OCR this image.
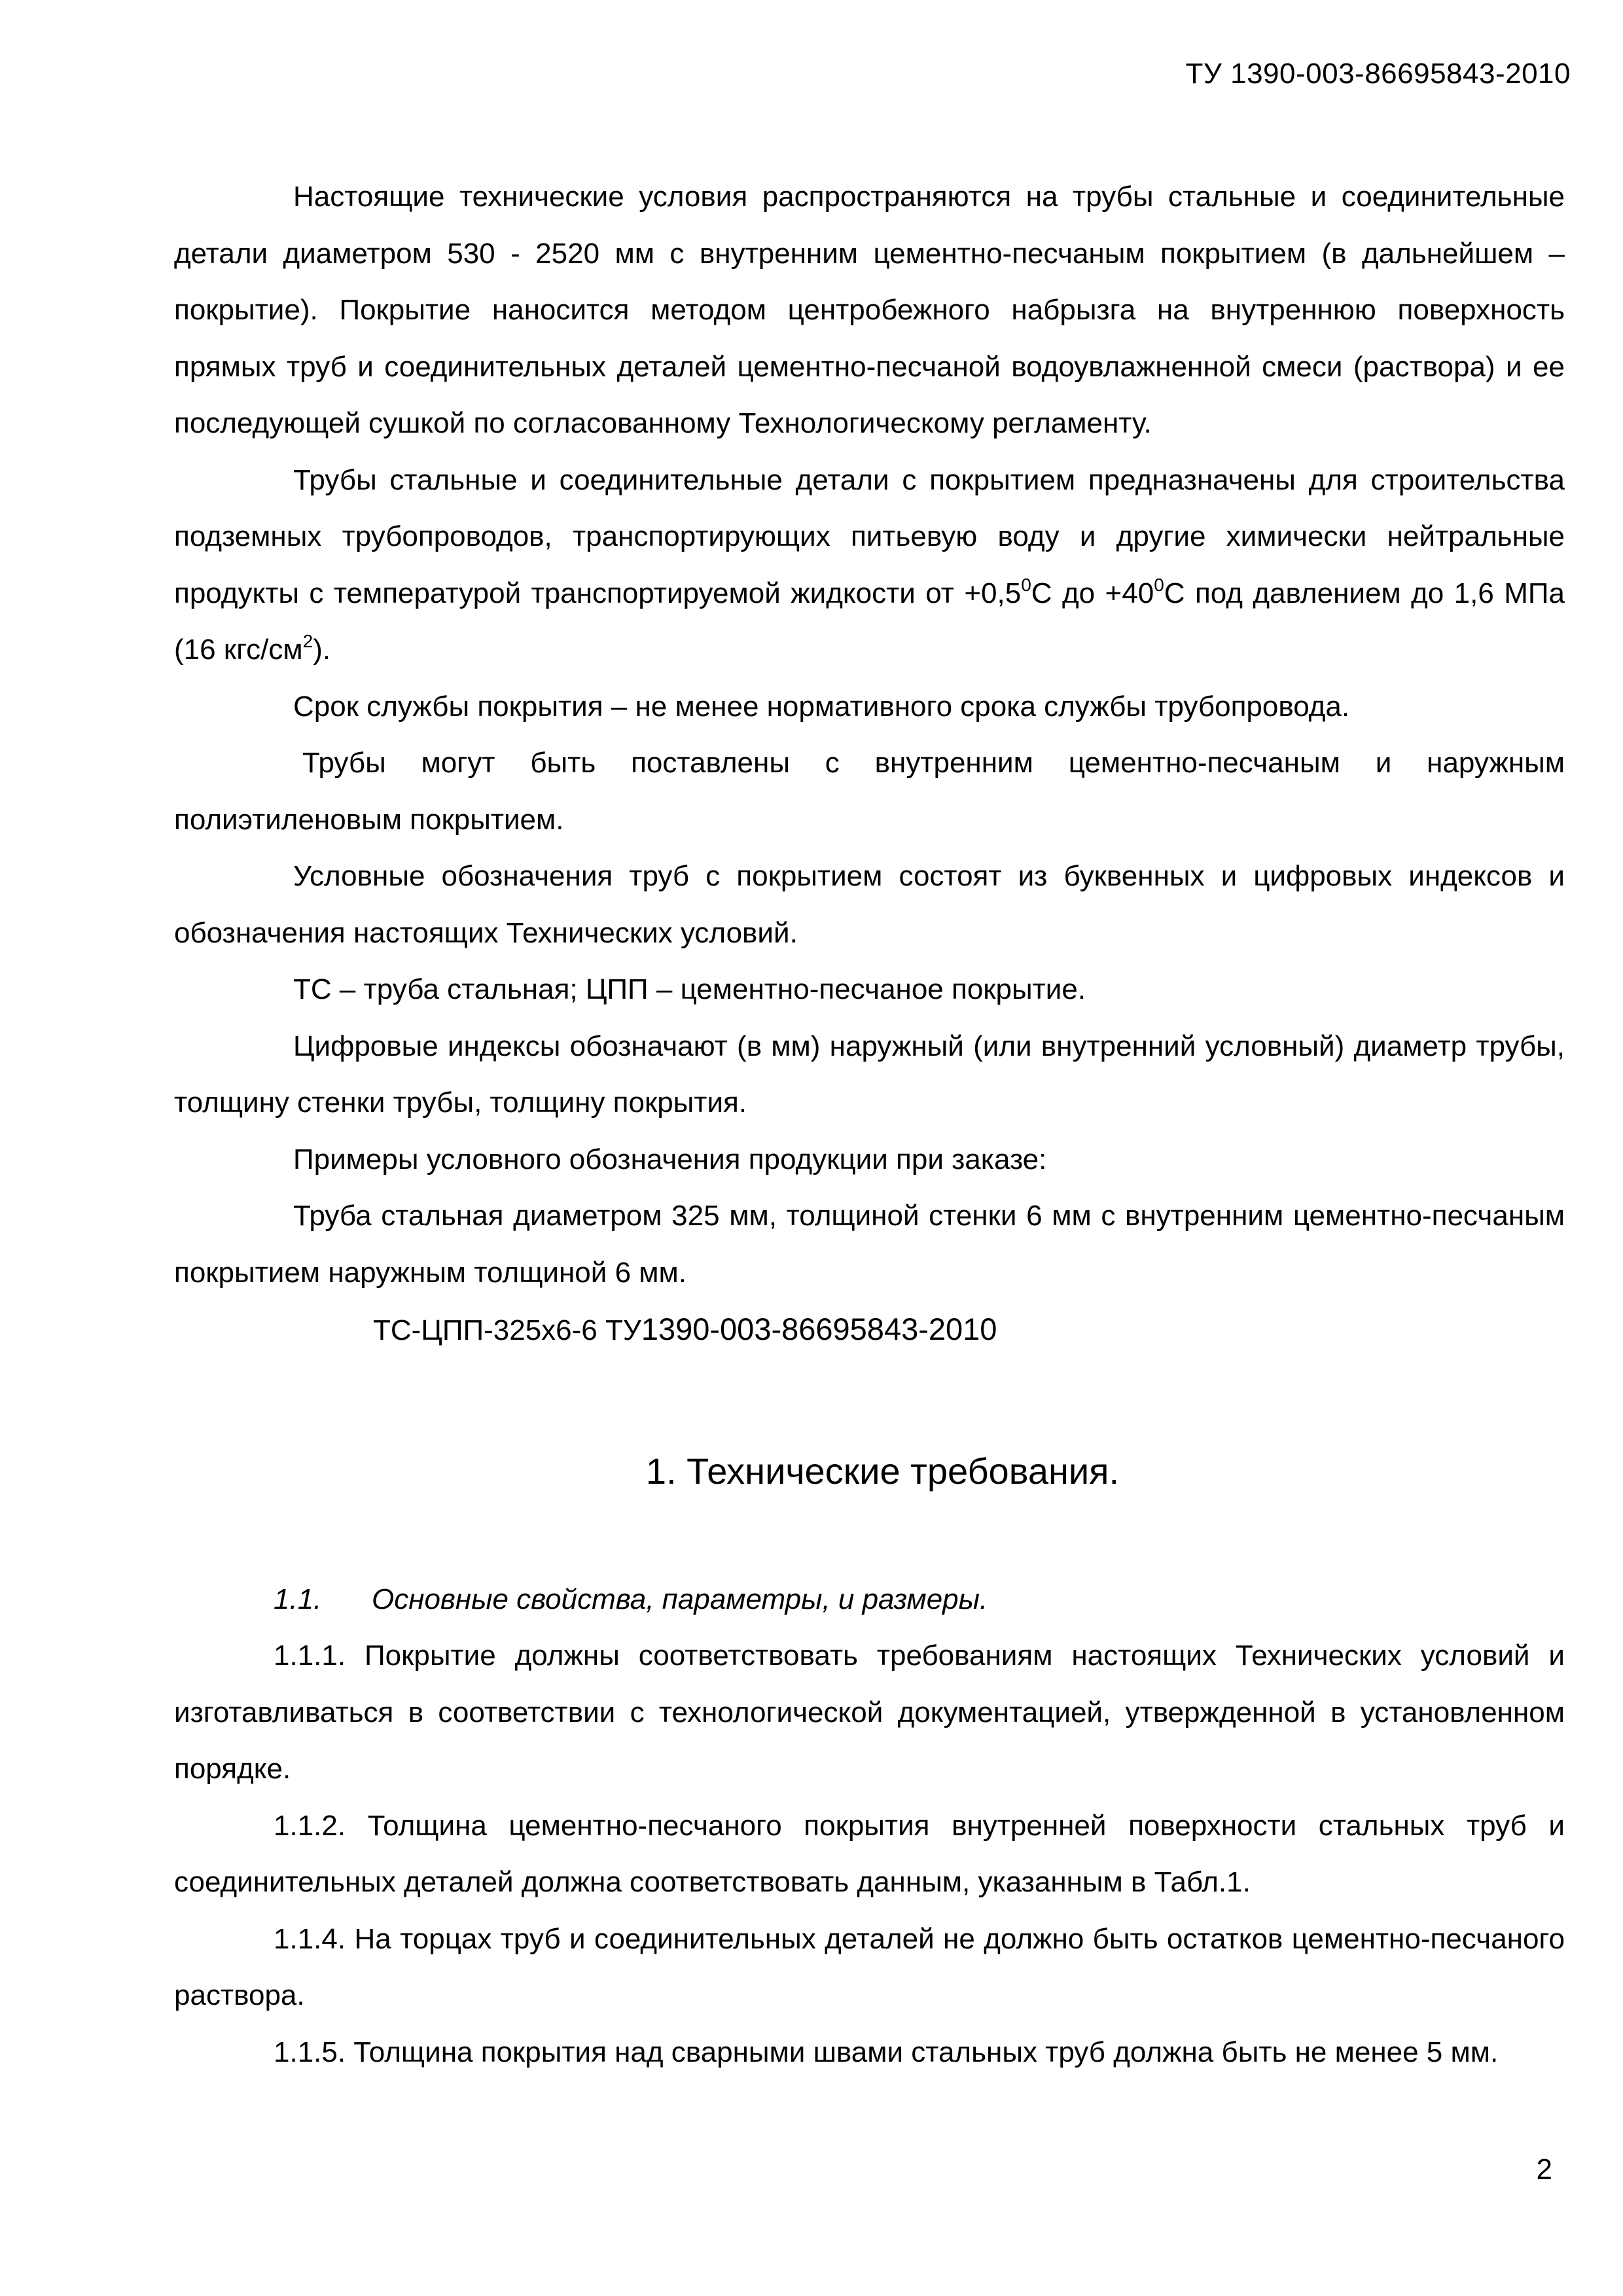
ТУ 1390-003-86695843-2010

Настоящие технические условия распространяются на трубы стальные и соединительные детали диаметром 530 - 2520 мм с внутренним цементно-песчаным покрытием (в дальнейшем – покрытие). Покрытие наносится методом центробежного набрызга на внутреннюю поверхность прямых труб и соединительных деталей цементно-песчаной водоувлажненной смеси (раствора) и ее последующей сушкой по согласованному Технологическому регламенту.

Трубы стальные и соединительные детали с покрытием предназначены для строительства подземных трубопроводов, транспортирующих питьевую воду и другие химически нейтральные продукты с температурой транспортируемой жидкости от $+0,5^0С$ до $+40^0С$ под давлением до 1,6 МПа (16 кгс/$см^2$).

Срок службы покрытия – не менее нормативного срока службы трубопровода.

Трубы могут быть поставлены с внутренним цементно-песчаным и наружным полиэтиленовым покрытием.

Условные обозначения труб с покрытием состоят из буквенных и цифровых индексов и обозначения настоящих Технических условий.

ТС – труба стальная; ЦПП – цементно-песчаное покрытие.

Цифровые индексы обозначают (в мм) наружный (или внутренний условный) диаметр трубы, толщину стенки трубы, толщину покрытия.

Примеры условного обозначения продукции при заказе:

Труба стальная диаметром 325 мм, толщиной стенки 6 мм с внутренним цементно-песчаным покрытием наружным толщиной 6 мм.

ТС-ЦПП-325х6-6 ТУ1390-003-86695843-2010

1. Технические требования.

1.1. Основные свойства, параметры, и размеры.

1.1.1. Покрытие должны соответствовать требованиям настоящих Технических условий и изготавливаться в соответствии с технологической документацией, утвержденной в установленном порядке.

1.1.2. Толщина цементно-песчаного покрытия внутренней поверхности стальных труб и соединительных деталей должна соответствовать данным, указанным в Табл.1.

1.1.4. На торцах труб и соединительных деталей не должно быть остатков цементно-песчаного раствора.

1.1.5. Толщина покрытия над сварными швами стальных труб должна быть не менее 5 мм.

2
